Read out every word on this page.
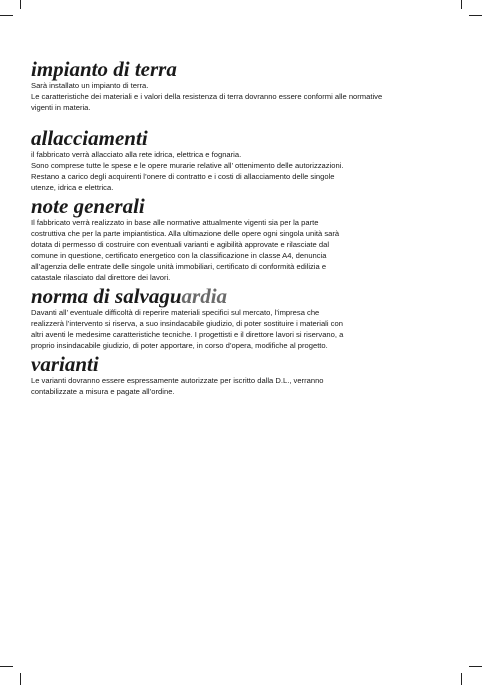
impianto di terra

Sarà installato un impianto di terra.

Le caratteristiche dei materiali e i valori della resistenza di terra dovranno essere conformi alle normative

vigenti in materia.

allacciamenti

il fabbricato verrà allacciato alla rete idrica, elettrica e fognaria.

Sono comprese tutte le spese e le opere murarie relative all’ ottenimento delle autorizzazioni.

Restano a carico degli acquirenti l’onere di contratto e i costi di allacciamento delle singole

utenze, idrica e elettrica.

note generali

Il fabbricato verrà realizzato in base alle normative attualmente vigenti sia per la parte

costruttiva che per la parte impiantistica. Alla ultimazione delle opere ogni singola unità sarà

dotata di permesso di costruire con eventuali varianti e agibilità approvate e rilasciate dal

comune in questione, certificato energetico con la classificazione in classe A4, denuncia

all’agenzia delle entrate delle singole unità immobiliari, certificato di conformità edilizia e

catastale rilasciato dal direttore dei lavori.

norma di salvaguardia

Davanti all’ eventuale difficoltà di reperire materiali specifici sul mercato, l’impresa che

realizzerà l’intervento si riserva, a suo insindacabile giudizio, di poter sostituire i materiali con

altri aventi le medesime caratteristiche tecniche. I progettisti e il direttore lavori si riservano, a

proprio insindacabile giudizio, di poter apportare, in corso d’opera, modifiche al progetto.

varianti

Le varianti dovranno essere espressamente autorizzate per iscritto dalla D.L., verranno

contabilizzate a misura e pagate all’ordine.
